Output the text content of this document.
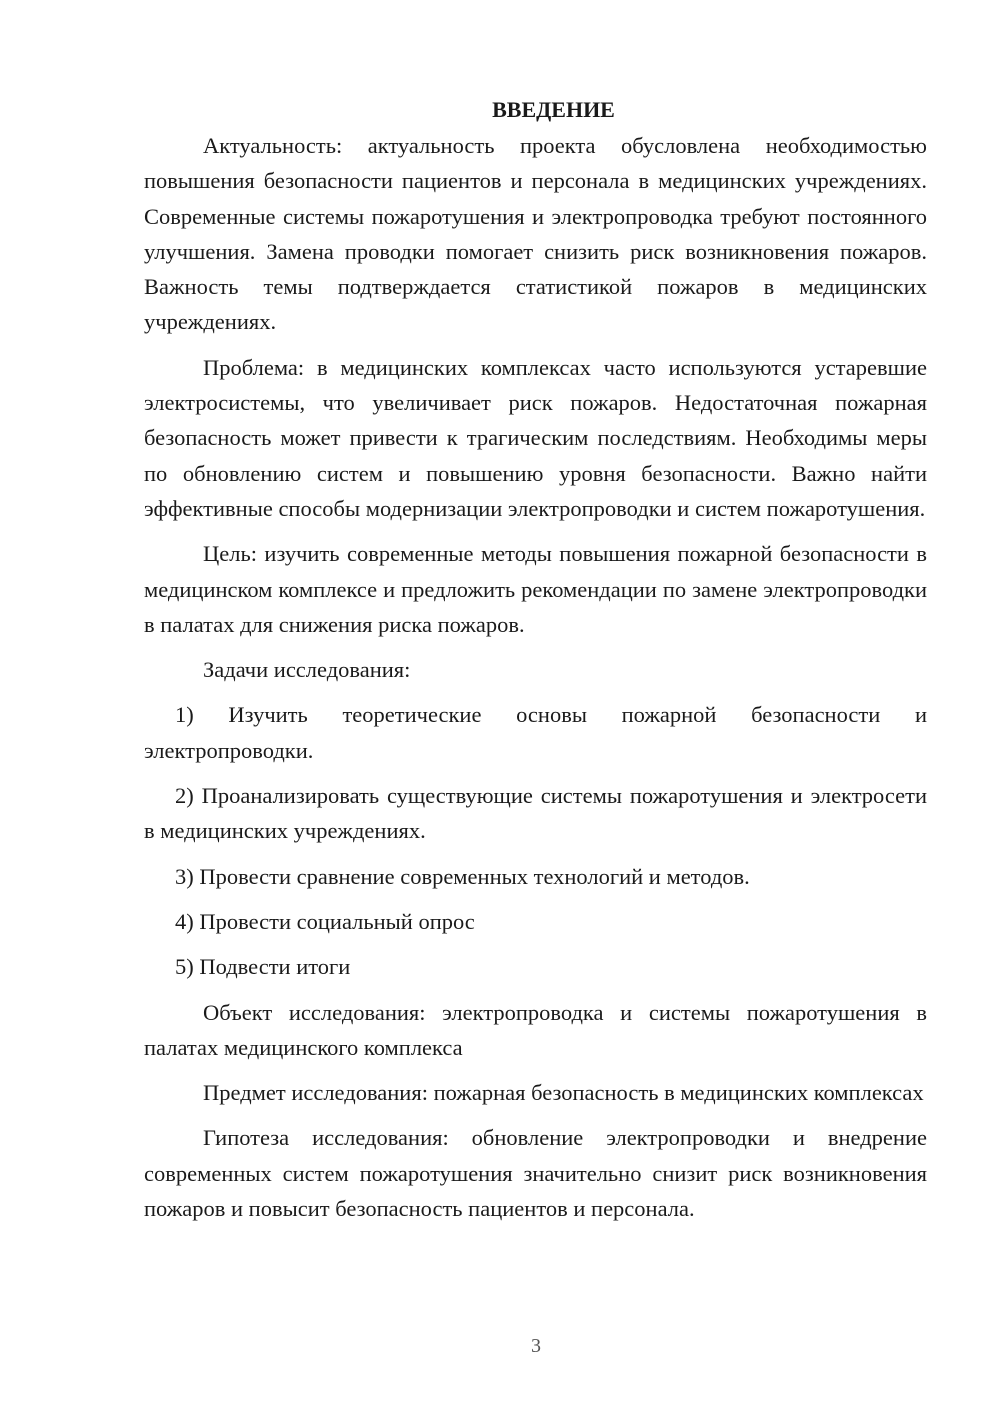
ВВЕДЕНИЕ

Актуальность: актуальность проекта обусловлена необходимостью повышения безопасности пациентов и персонала в медицинских учреждениях. Современные системы пожаротушения и электропроводка требуют постоянного улучшения. Замена проводки помогает снизить риск возникновения пожаров. Важность темы подтверждается статистикой пожаров в медицинских учреждениях.

Проблема: в медицинских комплексах часто используются устаревшие электросистемы, что увеличивает риск пожаров. Недостаточная пожарная безопасность может привести к трагическим последствиям. Необходимы меры по обновлению систем и повышению уровня безопасности. Важно найти эффективные способы модернизации электропроводки и систем пожаротушения.

Цель: изучить современные методы повышения пожарной безопасности в медицинском комплексе и предложить рекомендации по замене электропроводки в палатах для снижения риска пожаров.

Задачи исследования:

1) Изучить теоретические основы пожарной безопасности и электропроводки.

2) Проанализировать существующие системы пожаротушения и электросети в медицинских учреждениях.

3) Провести сравнение современных технологий и методов.

4) Провести социальный опрос

5) Подвести итоги

Объект исследования: электропроводка и системы пожаротушения в палатах медицинского комплекса

Предмет исследования: пожарная безопасность в медицинских комплексах

Гипотеза исследования: обновление электропроводки и внедрение современных систем пожаротушения значительно снизит риск возникновения пожаров и повысит безопасность пациентов и персонала.

3
